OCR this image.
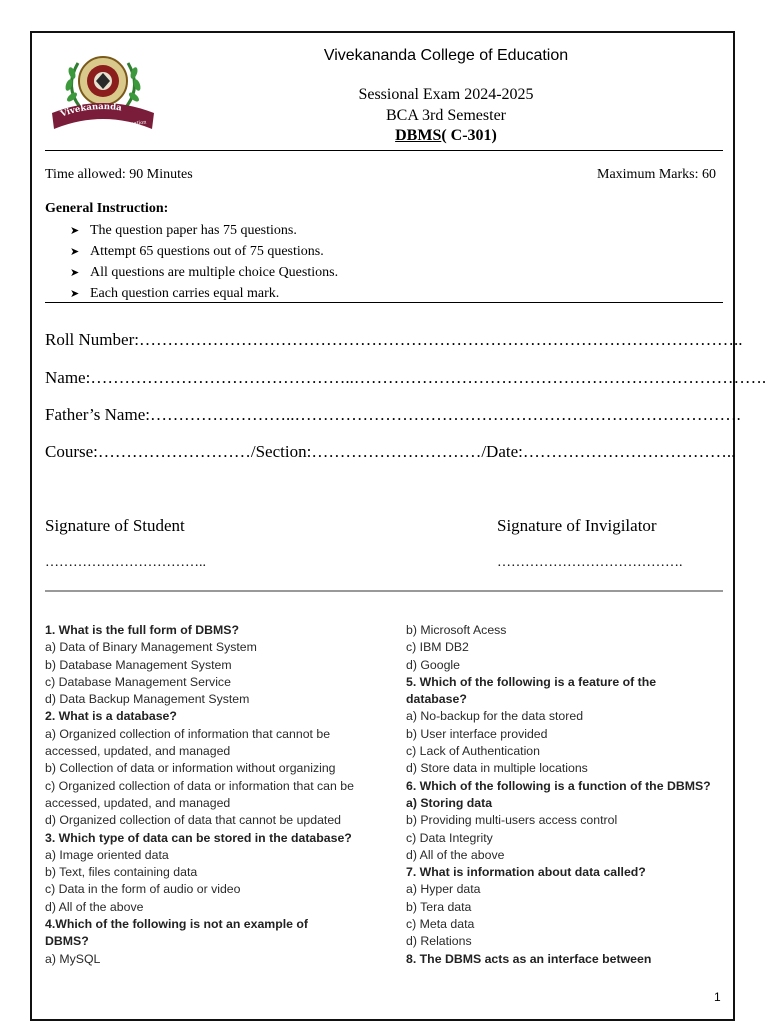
Vivekananda
College of Education
Vivekananda College of Education
Sessional Exam 2024-2025
BCA 3rd Semester
DBMS( C-301)
Time allowed: 90 Minutes	Maximum Marks: 60
General Instruction:
➤ The question paper has 75 questions.
➤ Attempt 65 questions out of 75 questions.
➤ All questions are multiple choice Questions.
➤ Each question carries equal mark.
Roll Number:……………………………………………………………………………………………..
Name:………………………………………..……………………………………………………………….
Father’s Name:……………………..…………………………………………………………………….
Course:………………………/Section:…………………………/Date:………………………………..
Signature of Student
……………………………..
Signature of Invigilator
………………………………….
1. What is the full form of DBMS?
a) Data of Binary Management System
b) Database Management System
c) Database Management Service
d) Data Backup Management System
2. What is a database?
a) Organized collection of information that cannot be
accessed, updated, and managed
b) Collection of data or information without organizing
c) Organized collection of data or information that can be
accessed, updated, and managed
d) Organized collection of data that cannot be updated
3. Which type of data can be stored in the database?
a) Image oriented data
b) Text, files containing data
c) Data in the form of audio or video
d) All of the above
4.Which of the following is not an example of
DBMS?
a) MySQL
b) Microsoft Acess
c) IBM DB2
d) Google
5. Which of the following is a feature of the
database?
a) No-backup for the data stored
b) User interface provided
c) Lack of Authentication
d) Store data in multiple locations
6. Which of the following is a function of the DBMS?
a) Storing data
b) Providing multi-users access control
c) Data Integrity
d) All of the above
7. What is information about data called?
a) Hyper data
b) Tera data
c) Meta data
d) Relations
8. The DBMS acts as an interface between
1
